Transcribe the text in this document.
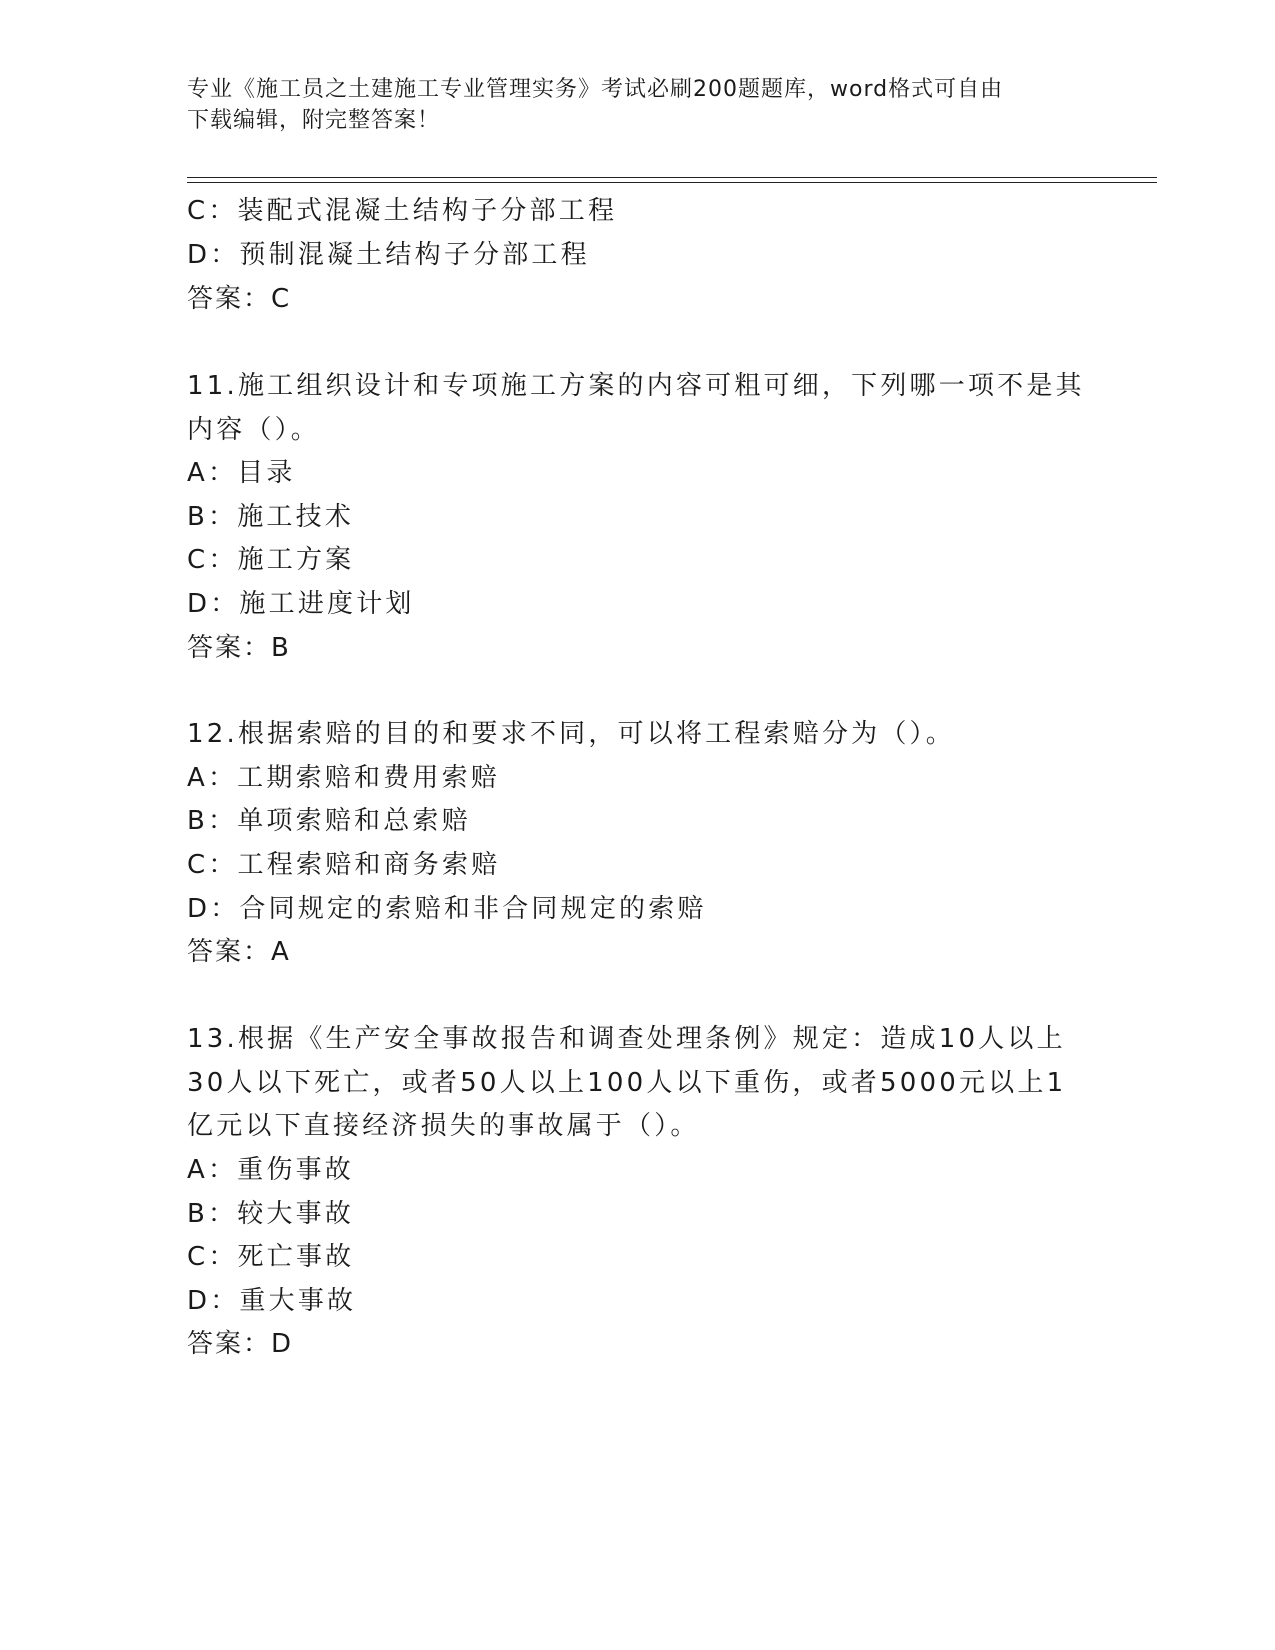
专业《施工员之土建施工专业管理实务》考试必刷200题题库，word格式可自由
下载编辑，附完整答案！
C：装配式混凝土结构子分部工程
D：预制混凝土结构子分部工程
答案：C
11.施工组织设计和专项施工方案的内容可粗可细，下列哪一项不是其
内容（）。
A：目录
B：施工技术
C：施工方案
D：施工进度计划
答案：B
12.根据索赔的目的和要求不同，可以将工程索赔分为（）。
A：工期索赔和费用索赔
B：单项索赔和总索赔
C：工程索赔和商务索赔
D：合同规定的索赔和非合同规定的索赔
答案：A
13.根据《生产安全事故报告和调查处理条例》规定：造成10人以上
30人以下死亡，或者50人以上100人以下重伤，或者5000元以上1
亿元以下直接经济损失的事故属于（）。
A：重伤事故
B：较大事故
C：死亡事故
D：重大事故
答案：D
